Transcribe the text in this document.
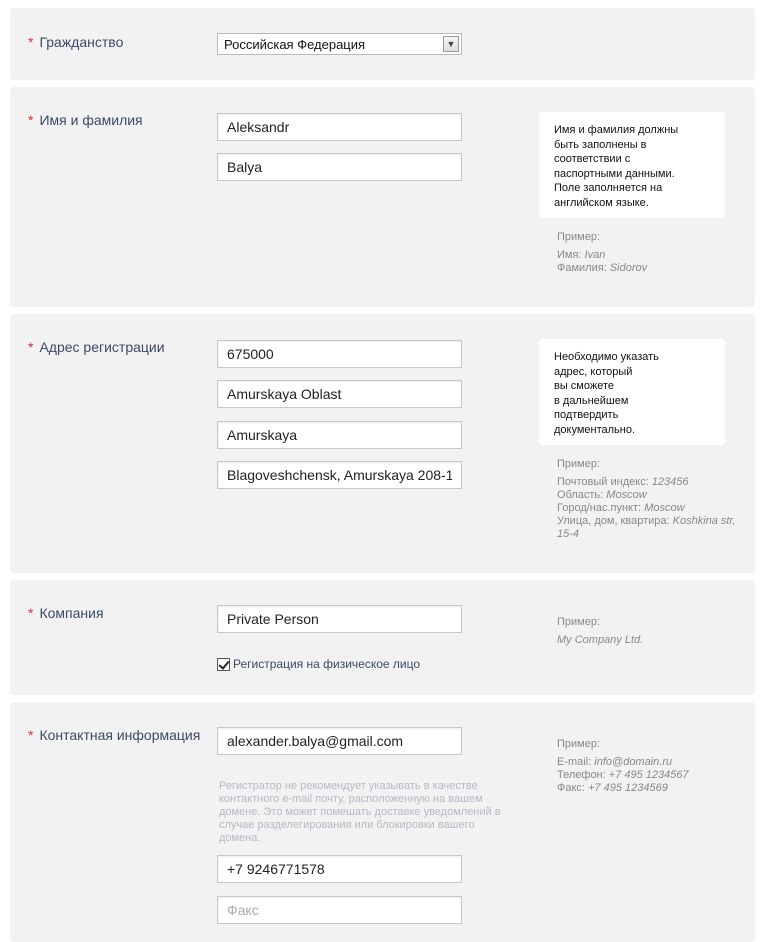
* Гражданство	Российская Федерация	▼
* Имя и фамилия
Aleksandr
Balya
Имя и фамилия должны
быть заполнены в
соответствии с
паспортными данными.
Поле заполняется на
английском языке.
Пример:
Имя: Ivan
Фамилия: Sidorov
* Адрес регистрации
675000
Amurskaya Oblast
Amurskaya
Blagoveshchensk, Amurskaya 208-107
Необходимо указать
адрес, который
вы сможете
в дальнейшем
подтвердить
документально.
Пример:
Почтовый индекс: 123456
Область: Moscow
Город/нас.пункт: Moscow
Улица, дом, квартира: Koshkina str, 15-4
* Компания
Private Person
Регистрация на физическое лицо
Пример:
My Company Ltd.
* Контактная информация
alexander.balya@gmail.com
Регистратор не рекомендует указывать в качестве контактного e-mail почту, расположенную на вашем домене. Это может помешать доставке уведомлений в случае разделегирования или блокировки вашего домена.
+7 9246771578
Факс
Пример:
E-mail: info@domain.ru
Телефон: +7 495 1234567
Факс: +7 495 1234569
